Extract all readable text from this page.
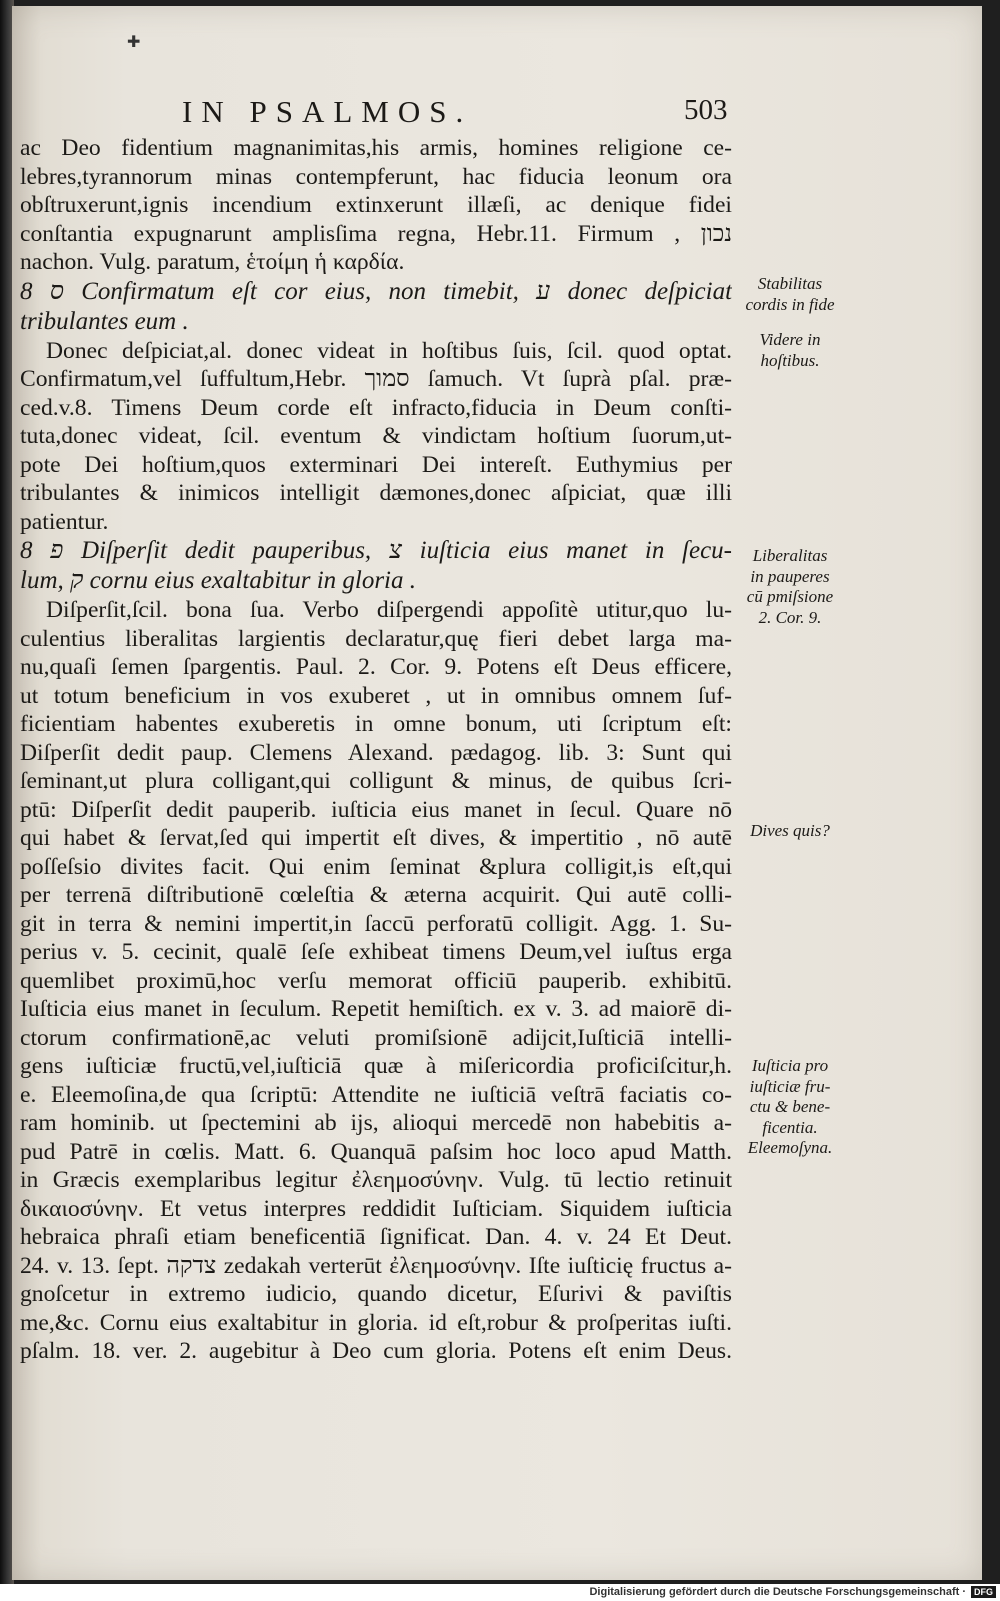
✚
IN PSALMOS.	503
ac Deo fidentium magnanimitas,his armis, homines religione ce-
lebres,tyrannorum minas contempferunt, hac fiducia leonum ora
obſtruxerunt,ignis incendium extinxerunt illæſi, ac denique fidei
conſtantia expugnarunt amplisſima regna, Hebr.11. Firmum , נכון
nachon. Vulg. paratum, ἑτοίμη ἡ καρδία.
8 ס Confirmatum eſt cor eius, non timebit, ע donec deſpiciat
tribulantes eum .
Donec deſpiciat,al. donec videat in hoſtibus ſuis, ſcil. quod optat.
Confirmatum,vel ſuffultum,Hebr. סמוך ſamuch. Vt ſuprà pſal. præ-
ced.v.8. Timens Deum corde eſt infracto,fiducia in Deum conſti-
tuta,donec videat, ſcil. eventum & vindictam hoſtium ſuorum,ut-
pote Dei hoſtium,quos exterminari Dei intereſt. Euthymius per
tribulantes & inimicos intelligit dæmones,donec aſpiciat, quæ illi
patientur.
8 פ Diſperſit dedit pauperibus, צ iuſticia eius manet in ſecu-
lum, ק cornu eius exaltabitur in gloria .
Diſperſit,ſcil. bona ſua. Verbo diſpergendi appoſitè utitur,quo lu-
culentius liberalitas largientis declaratur,quę fieri debet larga ma-
nu,quaſi ſemen ſpargentis. Paul. 2. Cor. 9. Potens eſt Deus efficere,
ut totum beneficium in vos exuberet , ut in omnibus omnem ſuf-
ficientiam habentes exuberetis in omne bonum, uti ſcriptum eſt:
Diſperſit dedit paup. Clemens Alexand. pædagog. lib. 3: Sunt qui
ſeminant,ut plura colligant,qui colligunt & minus, de quibus ſcri-
ptū: Diſperſit dedit pauperib. iuſticia eius manet in ſecul. Quare nō
qui habet & ſervat,ſed qui impertit eſt dives, & impertitio , nō autē
poſſeſsio divites facit. Qui enim ſeminat &plura colligit,is eſt,qui
per terrenā diſtributionē cœleſtia & æterna acquirit. Qui autē colli-
git in terra & nemini impertit,in ſaccū perforatū colligit. Agg. 1. Su-
perius v. 5. cecinit, qualē ſeſe exhibeat timens Deum,vel iuſtus erga
quemlibet proximū,hoc verſu memorat officiū pauperib. exhibitū.
Iuſticia eius manet in ſeculum. Repetit hemiſtich. ex v. 3. ad maiorē di-
ctorum confirmationē,ac veluti promiſsionē adijcit,Iuſticiā intelli-
gens iuſticiæ fructū,vel,iuſticiā quæ à miſericordia proficiſcitur,h.
e. Eleemoſina,de qua ſcriptū: Attendite ne iuſticiā veſtrā faciatis co-
ram hominib. ut ſpectemini ab ijs, alioqui mercedē non habebitis a-
pud Patrē in cœlis. Matt. 6. Quanquā paſsim hoc loco apud Matth.
in Græcis exemplaribus legitur ἐλεημοσύνην. Vulg. tū lectio retinuit
δικαιοσύνην. Et vetus interpres reddidit Iuſticiam. Siquidem iuſticia
hebraica phraſi etiam beneficentiā ſignificat. Dan. 4. v. 24 Et Deut.
24. v. 13. ſept. צדקה zedakah verterūt ἐλεημοσύνην. Iſte iuſticię fructus a-
gnoſcetur in extremo iudicio, quando dicetur, Eſurivi & paviſtis
me,&c. Cornu eius exaltabitur in gloria. id eſt,robur & proſperitas iuſti.
pſalm. 18. ver. 2. augebitur à Deo cum gloria. Potens eſt enim Deus.
Stabilitas
cordis in fide
Videre in
hoſtibus.
Liberalitas
in pauperes
cū pmiſsione
2. Cor. 9.
Dives quis?
Iuſticia pro
iuſticiæ fru-
ctu & bene-
ficentia.
Eleemoſyna.
Digitalisierung gefördert durch die Deutsche Forschungsgemeinschaft · DFG
